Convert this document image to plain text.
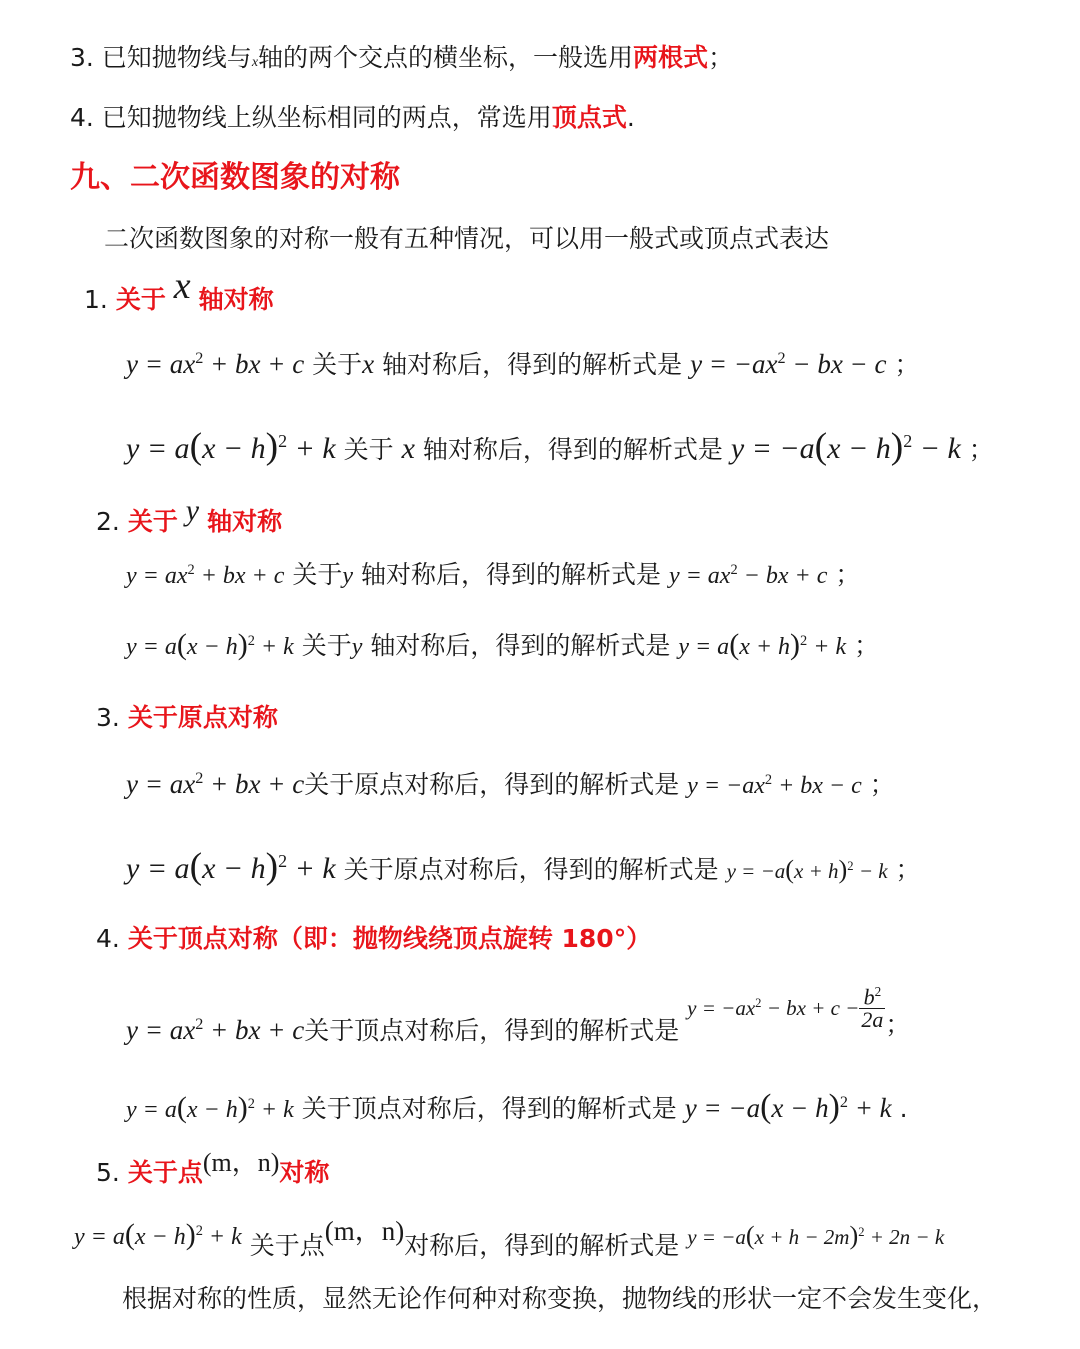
3. 已知抛物线与x轴的两个交点的横坐标，一般选用两根式；
4. 已知抛物线上纵坐标相同的两点，常选用顶点式.
九、二次函数图象的对称
二次函数图象的对称一般有五种情况，可以用一般式或顶点式表达
1. 关于 x 轴对称
$y = ax^2$ + bx + c 关于x 轴对称后，得到的解析式是 $y = -ax^2$ − bx − c ；
$y = a(x - h)^2 + k$ 关于 x 轴对称后，得到的解析式是 $y = -a(x - h)^2 - k$ ；
2. 关于 y 轴对称
$y = ax^2$ + bx + c 关于y 轴对称后，得到的解析式是 $y = ax^2$ − bx + c ；
$y = a(x - h)^2 + k$ 关于y 轴对称后，得到的解析式是 $y = a(x + h)^2 + k$ ；
3. 关于原点对称
$y = ax^2$ + bx + c关于原点对称后，得到的解析式是 $y = -ax^2$ + bx − c ；
$y = a(x - h)^2 + k$ 关于原点对称后，得到的解析式是 $y = -a(x + h)^2 - k$ ；
4. 关于顶点对称（即：抛物线绕顶点旋转 180°）
$y = ax^2$ + bx + c关于顶点对称后，得到的解析式是 $y = -ax^2$ − bx + $c - \frac{b^2}{2a}$ ；
$y = a(x - h)^2 + k$ 关于顶点对称后，得到的解析式是 $y = -a(x - h)^2 + k$ .
5. 关于点(m，n)对称
$y = a(x - h)^2 + k$ 关于点(m，n)对称后，得到的解析式是 $y = -a(x + h - 2m)^2 + 2n - k$
根据对称的性质，显然无论作何种对称变换，抛物线的形状一定不会发生变化，
